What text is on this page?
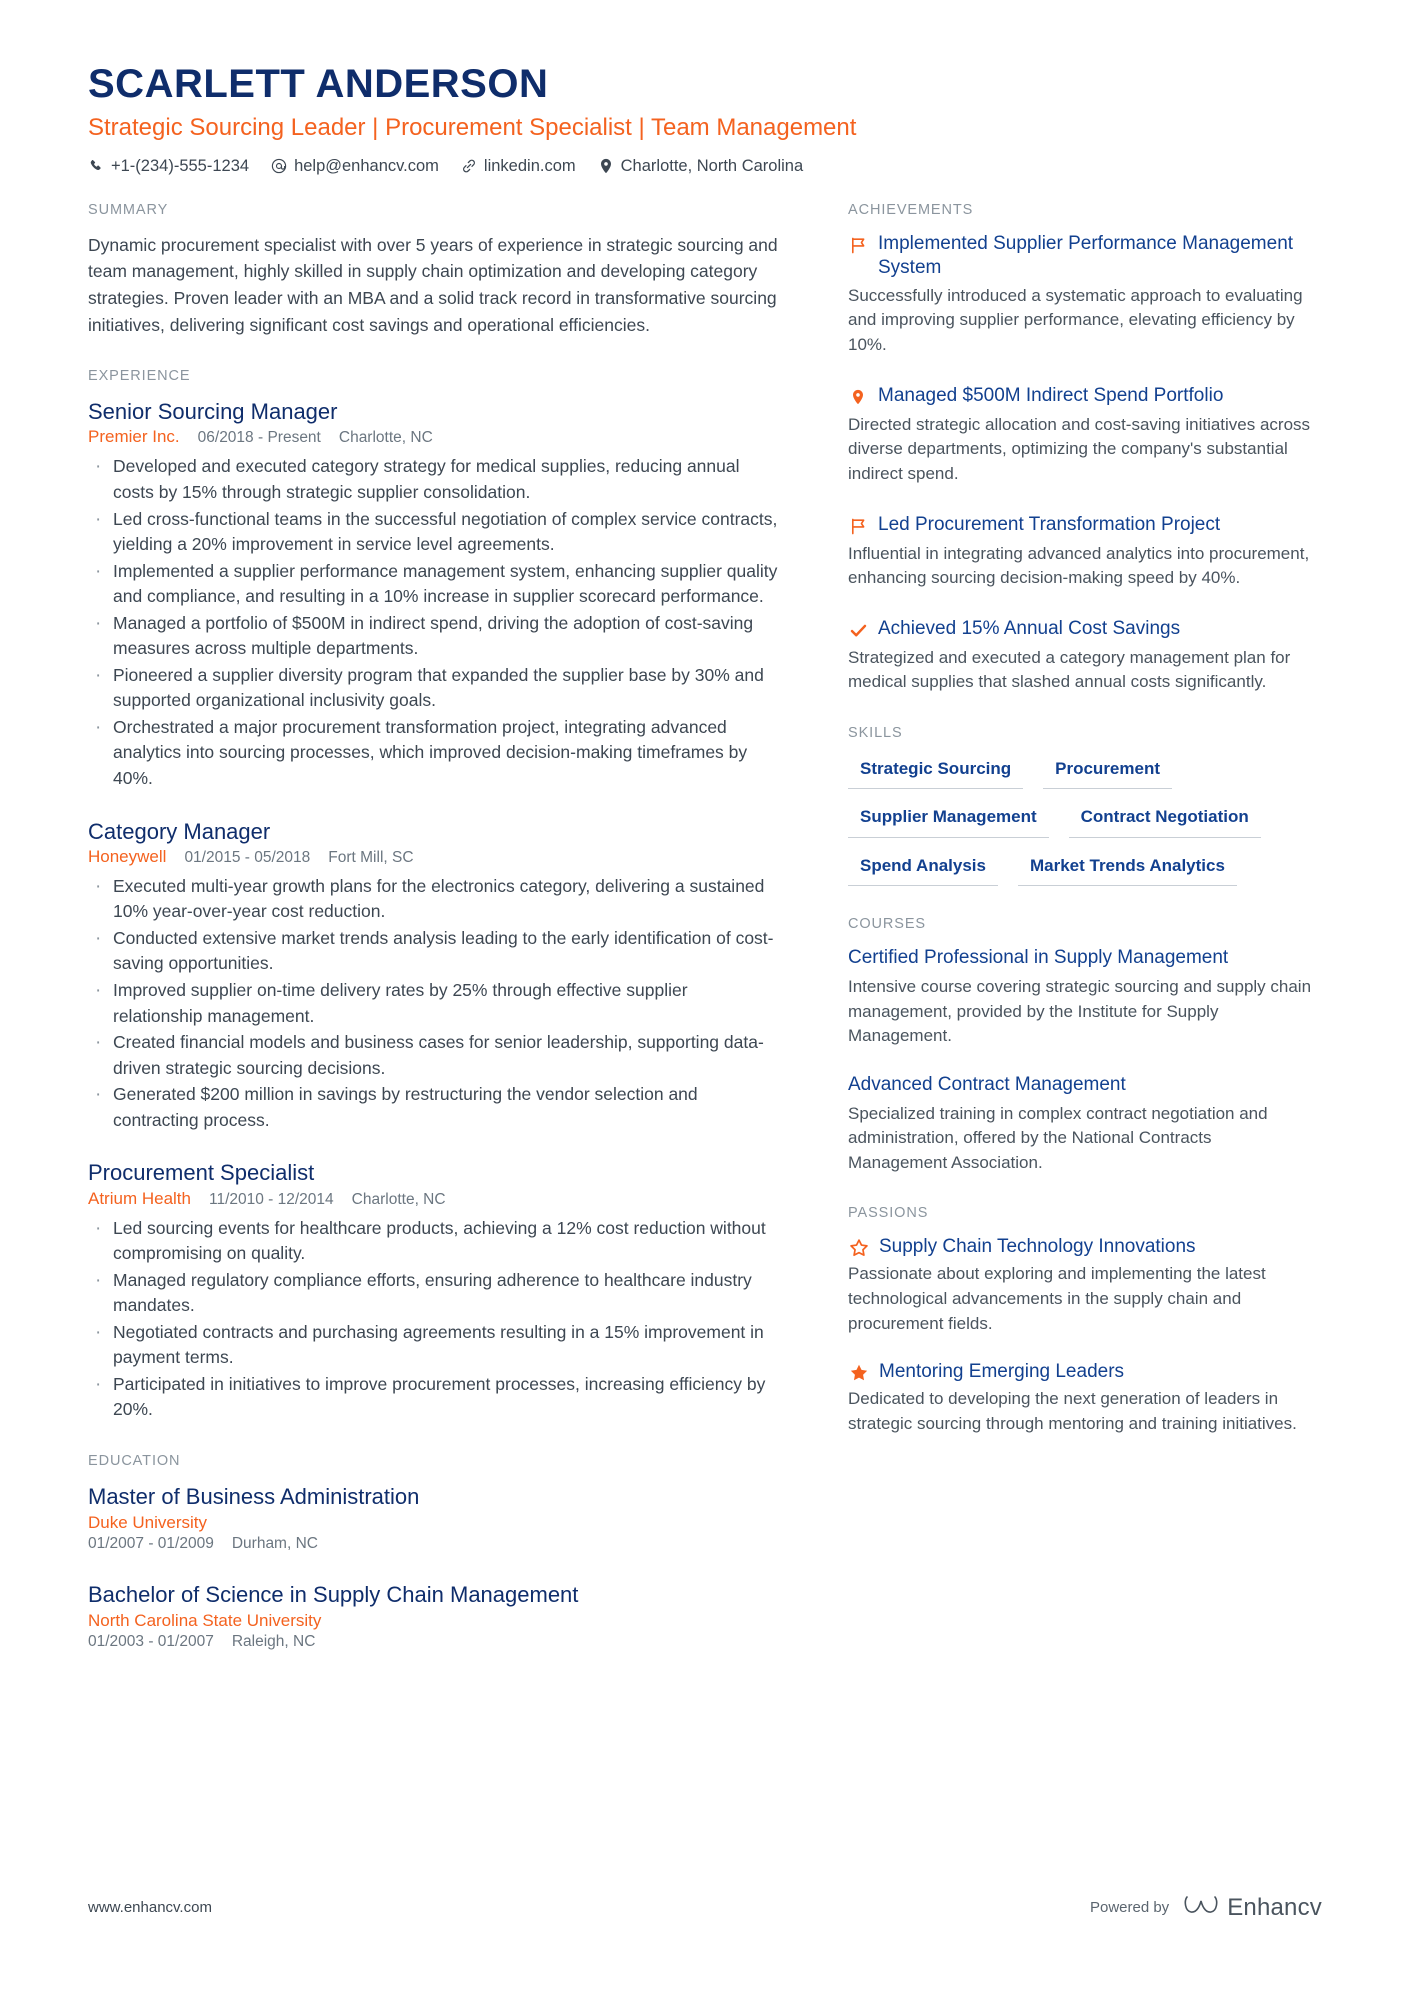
SCARLETT ANDERSON
Strategic Sourcing Leader | Procurement Specialist | Team Management
+1-(234)-555-1234	help@enhancv.com	linkedin.com	Charlotte, North Carolina
SUMMARY

Dynamic procurement specialist with over 5 years of experience in strategic sourcing and team management, highly skilled in supply chain optimization and developing category strategies. Proven leader with an MBA and a solid track record in transformative sourcing initiatives, delivering significant cost savings and operational efficiencies.

EXPERIENCE
Senior Sourcing Manager
Premier Inc. 06/2018 - Present Charlotte, NC
· Developed and executed category strategy for medical supplies, reducing annual costs by 15% through strategic supplier consolidation.
· Led cross-functional teams in the successful negotiation of complex service contracts, yielding a 20% improvement in service level agreements.
· Implemented a supplier performance management system, enhancing supplier quality and compliance, and resulting in a 10% increase in supplier scorecard performance.
· Managed a portfolio of $500M in indirect spend, driving the adoption of cost-saving measures across multiple departments.
· Pioneered a supplier diversity program that expanded the supplier base by 30% and supported organizational inclusivity goals.
· Orchestrated a major procurement transformation project, integrating advanced analytics into sourcing processes, which improved decision-making timeframes by 40%.
Category Manager
Honeywell 01/2015 - 05/2018 Fort Mill, SC
· Executed multi-year growth plans for the electronics category, delivering a sustained 10% year-over-year cost reduction.
· Conducted extensive market trends analysis leading to the early identification of cost-saving opportunities.
· Improved supplier on-time delivery rates by 25% through effective supplier relationship management.
· Created financial models and business cases for senior leadership, supporting data-driven strategic sourcing decisions.
· Generated $200 million in savings by restructuring the vendor selection and contracting process.
Procurement Specialist
Atrium Health 11/2010 - 12/2014 Charlotte, NC
· Led sourcing events for healthcare products, achieving a 12% cost reduction without compromising on quality.
· Managed regulatory compliance efforts, ensuring adherence to healthcare industry mandates.
· Negotiated contracts and purchasing agreements resulting in a 15% improvement in payment terms.
· Participated in initiatives to improve procurement processes, increasing efficiency by 20%.
EDUCATION
Master of Business Administration
Duke University
01/2007 - 01/2009 Durham, NC
Bachelor of Science in Supply Chain Management
North Carolina State University
01/2003 - 01/2007 Raleigh, NC
ACHIEVEMENTS
Implemented Supplier Performance Management System

Successfully introduced a systematic approach to evaluating and improving supplier performance, elevating efficiency by 10%.

Managed $500M Indirect Spend Portfolio

Directed strategic allocation and cost-saving initiatives across diverse departments, optimizing the company's substantial indirect spend.

Led Procurement Transformation Project

Influential in integrating advanced analytics into procurement, enhancing sourcing decision-making speed by 40%.

Achieved 15% Annual Cost Savings

Strategized and executed a category management plan for medical supplies that slashed annual costs significantly.

SKILLS
Strategic Sourcing	Procurement
Supplier Management	Contract Negotiation
Spend Analysis	Market Trends Analytics
COURSES
Certified Professional in Supply Management

Intensive course covering strategic sourcing and supply chain management, provided by the Institute for Supply Management.

Advanced Contract Management

Specialized training in complex contract negotiation and administration, offered by the National Contracts Management Association.

PASSIONS
Supply Chain Technology Innovations

Passionate about exploring and implementing the latest technological advancements in the supply chain and procurement fields.

Mentoring Emerging Leaders

Dedicated to developing the next generation of leaders in strategic sourcing through mentoring and training initiatives.

www.enhancv.com	Powered by Enhancv
